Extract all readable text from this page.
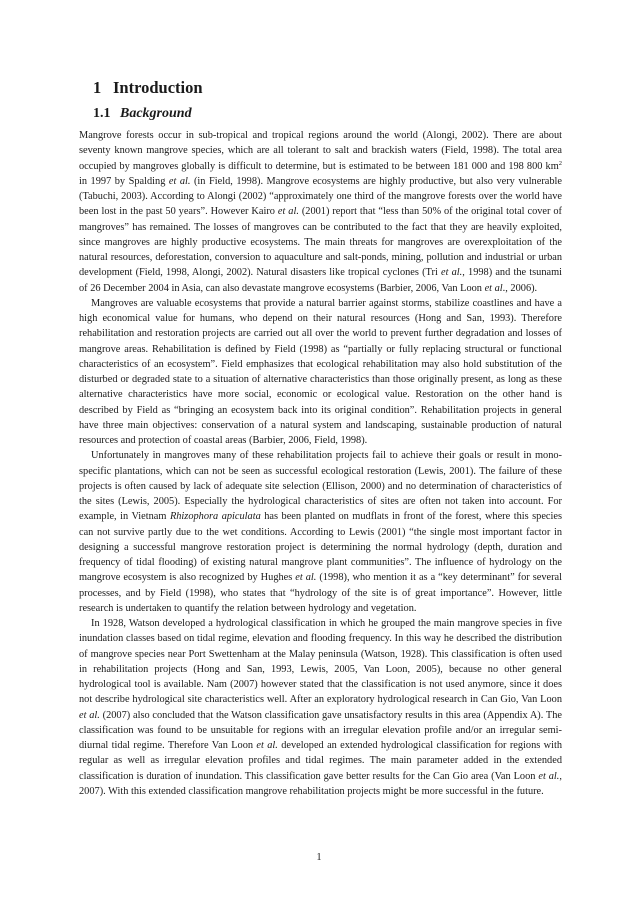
1 Introduction
1.1 Background

Mangrove forests occur in sub-tropical and tropical regions around the world (Alongi, 2002). There are about seventy known mangrove species, which are all tolerant to salt and brackish waters (Field, 1998). The total area occupied by mangroves globally is difficult to determine, but is estimated to be between 181 000 and 198 800 $km^2$ in 1997 by Spalding et al. (in Field, 1998). Mangrove ecosystems are highly productive, but also very vulnerable (Tabuchi, 2003). According to Alongi (2002) “approximately one third of the mangrove forests over the world have been lost in the past 50 years”. However Kairo et al. (2001) report that “less than 50% of the original total cover of mangroves” has remained. The losses of mangroves can be contributed to the fact that they are heavily exploited, since mangroves are highly productive ecosystems. The main threats for mangroves are overexploitation of the natural resources, deforestation, conversion to aquaculture and salt-ponds, mining, pollution and industrial or urban development (Field, 1998, Alongi, 2002). Natural disasters like tropical cyclones (Tri et al., 1998) and the tsunami of 26 December 2004 in Asia, can also devastate mangrove ecosystems (Barbier, 2006, Van Loon et al., 2006).

Mangroves are valuable ecosystems that provide a natural barrier against storms, stabilize coastlines and have a high economical value for humans, who depend on their natural resources (Hong and San, 1993). Therefore rehabilitation and restoration projects are carried out all over the world to prevent further degradation and losses of mangrove areas. Rehabilitation is defined by Field (1998) as “partially or fully replacing structural or functional characteristics of an ecosystem”. Field emphasizes that ecological rehabilitation may also hold substitution of the disturbed or degraded state to a situation of alternative characteristics than those originally present, as long as these alternative characteristics have more social, economic or ecological value. Restoration on the other hand is described by Field as “bringing an ecosystem back into its original condition”. Rehabilitation projects in general have three main objectives: conservation of a natural system and landscaping, sustainable production of natural resources and protection of coastal areas (Barbier, 2006, Field, 1998).

Unfortunately in mangroves many of these rehabilitation projects fail to achieve their goals or result in mono-specific plantations, which can not be seen as successful ecological restoration (Lewis, 2001). The failure of these projects is often caused by lack of adequate site selection (Ellison, 2000) and no determination of characteristics of the sites (Lewis, 2005). Especially the hydrological characteristics of sites are often not taken into account. For example, in Vietnam Rhizophora apiculata has been planted on mudflats in front of the forest, where this species can not survive partly due to the wet conditions. According to Lewis (2001) “the single most important factor in designing a successful mangrove restoration project is determining the normal hydrology (depth, duration and frequency of tidal flooding) of existing natural mangrove plant communities”. The influence of hydrology on the mangrove ecosystem is also recognized by Hughes et al. (1998), who mention it as a “key determinant” for several processes, and by Field (1998), who states that “hydrology of the site is of great importance”. However, little research is undertaken to quantify the relation between hydrology and vegetation.

In 1928, Watson developed a hydrological classification in which he grouped the main mangrove species in five inundation classes based on tidal regime, elevation and flooding frequency. In this way he described the distribution of mangrove species near Port Swettenham at the Malay peninsula (Watson, 1928). This classification is often used in rehabilitation projects (Hong and San, 1993, Lewis, 2005, Van Loon, 2005), because no other general hydrological tool is available. Nam (2007) however stated that the classification is not used anymore, since it does not describe hydrological site characteristics well. After an exploratory hydrological research in Can Gio, Van Loon et al. (2007) also concluded that the Watson classification gave unsatisfactory results in this area (Appendix A). The classification was found to be unsuitable for regions with an irregular elevation profile and/or an irregular semi-diurnal tidal regime. Therefore Van Loon et al. developed an extended hydrological classification for regions with regular as well as irregular elevation profiles and tidal regimes. The main parameter added in the extended classification is duration of inundation. This classification gave better results for the Can Gio area (Van Loon et al., 2007). With this extended classification mangrove rehabilitation projects might be more successful in the future.

1
